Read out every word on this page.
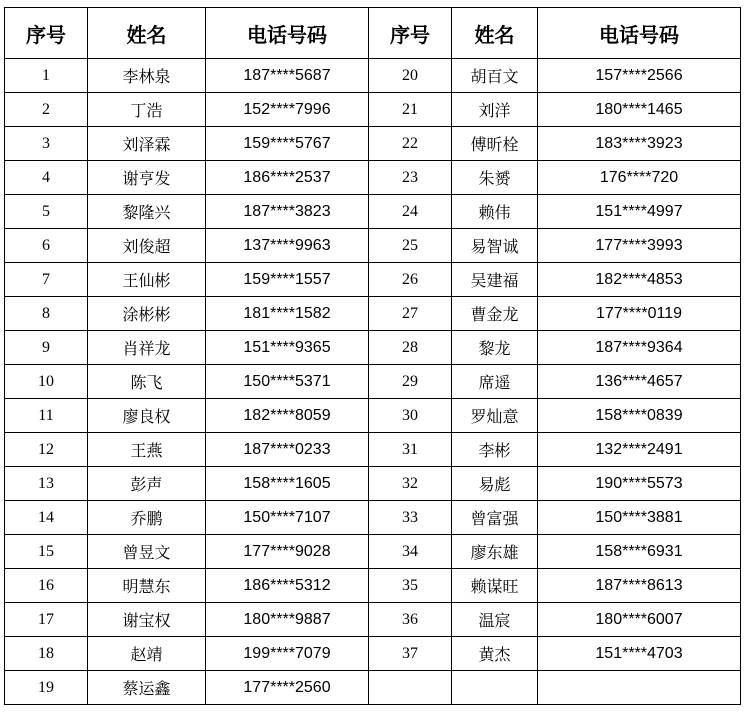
序号	姓名	电话号码	序号	姓名	电话号码
1	李林泉	187****5687	20	胡百文	157****2566
2	丁浩	152****7996	21	刘洋	180****1465
3	刘泽霖	159****5767	22	傅昕栓	183****3923
4	谢亨发	186****2537	23	朱赟	176****720
5	黎隆兴	187****3823	24	赖伟	151****4997
6	刘俊超	137****9963	25	易智诚	177****3993
7	王仙彬	159****1557	26	吴建福	182****4853
8	涂彬彬	181****1582	27	曹金龙	177****0119
9	肖祥龙	151****9365	28	黎龙	187****9364
10	陈飞	150****5371	29	席遥	136****4657
11	廖良权	182****8059	30	罗灿意	158****0839
12	王燕	187****0233	31	李彬	132****2491
13	彭声	158****1605	32	易彪	190****5573
14	乔鹏	150****7107	33	曾富强	150****3881
15	曾昱文	177****9028	34	廖东雄	158****6931
16	明慧东	186****5312	35	赖谋旺	187****8613
17	谢宝权	180****9887	36	温宸	180****6007
18	赵靖	199****7079	37	黄杰	151****4703
19	蔡运鑫	177****2560			
